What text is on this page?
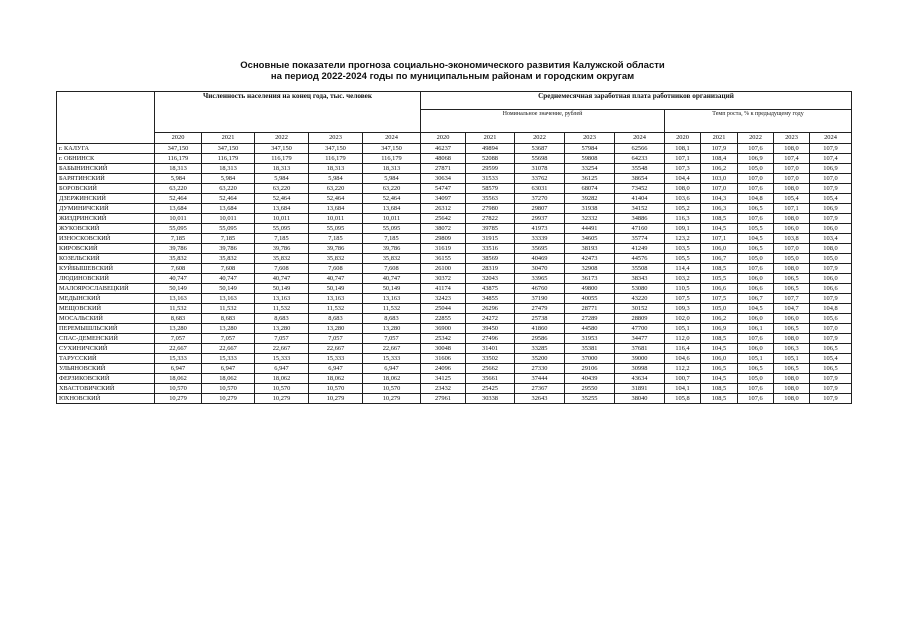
Основные показатели прогноза социально-экономического развития Калужской области
на период 2022-2024 годы по муниципальным районам и городским округам
	Численность населения на конец года, тыс. человек					Среднемесячная заработная плата работников организаций									
						Номинальное значение, рублей					Темп роста, % к предыдущему году				
	2020	2021	2022	2023	2024	2020	2021	2022	2023	2024	2020	2021	2022	2023	2024
г. КАЛУГА	347,150	347,150	347,150	347,150	347,150	46237	49894	53687	57984	62566	108,1	107,9	107,6	108,0	107,9
г. ОБНИНСК	116,179	116,179	116,179	116,179	116,179	48068	52088	55698	59808	64233	107,1	108,4	106,9	107,4	107,4
БАБЫНИНСКИЙ	18,313	18,313	18,313	18,313	18,313	27871	29599	31078	33254	35548	107,3	106,2	105,0	107,0	106,9
БАРЯТИНСКИЙ	5,984	5,984	5,984	5,984	5,984	30634	31533	33762	36125	38654	104,4	103,0	107,0	107,0	107,0
БОРОВСКИЙ	63,220	63,220	63,220	63,220	63,220	54747	58579	63031	68074	73452	108,0	107,0	107,6	108,0	107,9
ДЗЕРЖИНСКИЙ	52,464	52,464	52,464	52,464	52,464	34097	35563	37270	39282	41404	103,6	104,3	104,8	105,4	105,4
ДУМИНИЧСКИЙ	13,684	13,684	13,684	13,684	13,684	26312	27980	29807	31938	34152	105,2	106,3	106,5	107,1	106,9
ЖИЗДРИНСКИЙ	10,011	10,011	10,011	10,011	10,011	25642	27822	29937	32332	34886	116,3	108,5	107,6	108,0	107,9
ЖУКОВСКИЙ	55,095	55,095	55,095	55,095	55,095	38072	39785	41973	44491	47160	109,1	104,5	105,5	106,0	106,0
ИЗНОСКОВСКИЙ	7,185	7,185	7,185	7,185	7,185	29809	31915	33339	34605	35774	123,2	107,1	104,5	103,8	103,4
КИРОВСКИЙ	39,786	39,786	39,786	39,786	39,786	31619	33516	35695	38193	41249	103,5	106,0	106,5	107,0	108,0
КОЗЕЛЬСКИЙ	35,832	35,832	35,832	35,832	35,832	36155	38569	40469	42473	44576	105,5	106,7	105,0	105,0	105,0
КУЙБЫШЕВСКИЙ	7,608	7,608	7,608	7,608	7,608	26100	28319	30470	32908	35508	114,4	108,5	107,6	108,0	107,9
ЛЮДИНОВСКИЙ	40,747	40,747	40,747	40,747	40,747	30372	32043	33965	36173	38343	103,2	105,5	106,0	106,5	106,0
МАЛОЯРОСЛАВЕЦКИЙ	50,149	50,149	50,149	50,149	50,149	41174	43875	46760	49800	53080	110,5	106,6	106,6	106,5	106,6
МЕДЫНСКИЙ	13,163	13,163	13,163	13,163	13,163	32423	34855	37190	40055	43220	107,5	107,5	106,7	107,7	107,9
МЕЩОВСКИЙ	11,532	11,532	11,532	11,532	11,532	25044	26296	27479	28771	30152	109,3	105,0	104,5	104,7	104,8
МОСАЛЬСКИЙ	8,683	8,683	8,683	8,683	8,683	22855	24272	25738	27289	28809	102,0	106,2	106,0	106,0	105,6
ПЕРЕМЫШЛЬСКИЙ	13,280	13,280	13,280	13,280	13,280	36900	39450	41860	44580	47700	105,1	106,9	106,1	106,5	107,0
СПАС-ДЕМЕНСКИЙ	7,057	7,057	7,057	7,057	7,057	25342	27496	29586	31953	34477	112,0	108,5	107,6	108,0	107,9
СУХИНИЧСКИЙ	22,667	22,667	22,667	22,667	22,667	30048	31401	33285	35381	37681	116,4	104,5	106,0	106,3	106,5
ТАРУССКИЙ	15,333	15,333	15,333	15,333	15,333	31606	33502	35200	37000	39000	104,6	106,0	105,1	105,1	105,4
УЛЬЯНОВСКИЙ	6,947	6,947	6,947	6,947	6,947	24096	25662	27330	29106	30998	112,2	106,5	106,5	106,5	106,5
ФЕРЗИКОВСКИЙ	18,062	18,062	18,062	18,062	18,062	34125	35661	37444	40439	43634	100,7	104,5	105,0	108,0	107,9
ХВАСТОВИЧСКИЙ	10,570	10,570	10,570	10,570	10,570	23432	25425	27367	29550	31891	104,1	108,5	107,6	108,0	107,9
ЮХНОВСКИЙ	10,279	10,279	10,279	10,279	10,279	27961	30338	32643	35255	38040	105,8	108,5	107,6	108,0	107,9
